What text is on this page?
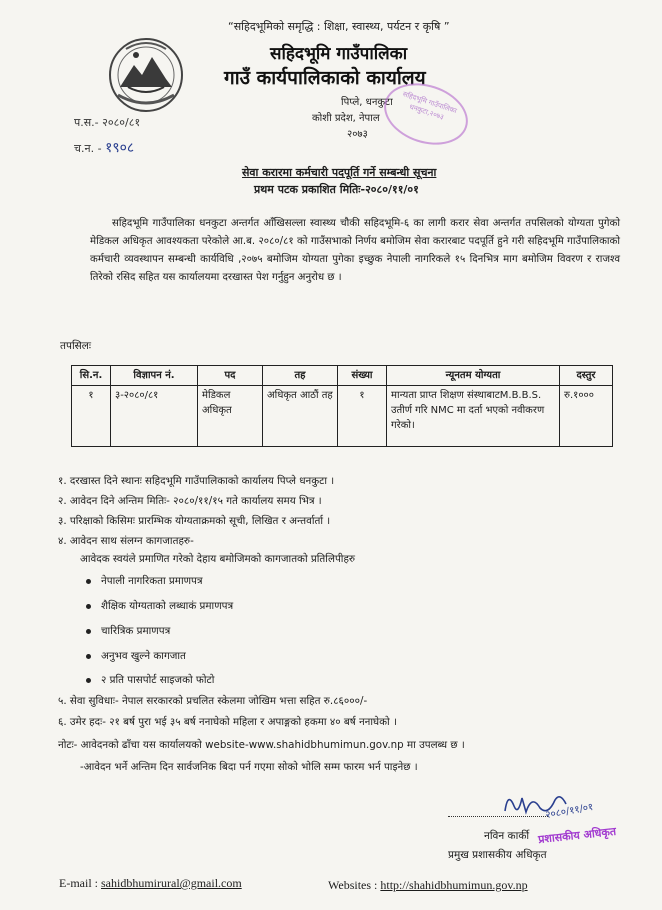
“सहिदभूमिको समृद्धि : शिक्षा, स्वास्थ्य, पर्यटन र कृषि ”
सहिदभूमि गाउँपालिका
गाउँ कार्यपालिकाको कार्यालय
पिप्ले, धनकुटा
कोशी प्रदेश, नेपाल
२०७३
सहिदभूमि गाउँपालिका धनकुटा,२०७३
प.स.- २०८०/८१
च.न. - १९०८
सेवा करारमा कर्मचारी पदपूर्ति गर्ने सम्बन्धी सूचना
प्रथम पटक प्रकाशित मितिः-२०८०/११/०१
सहिदभूमि गाउँपालिका धनकुटा अन्तर्गत आँखिसल्ला स्वास्थ्य चौकी सहिदभूमि-६ का लागी करार सेवा अन्तर्गत तपसिलको योग्यता पुगेको मेडिकल अधिकृत आवश्यकता परेकोले आ.ब. २०८०/८१ को गाउँसभाको निर्णय बमोजिम सेवा करारबाट पदपूर्ति हुने गरी सहिदभूमि गाउँपालिकाको कर्मचारी व्यवस्थापन सम्बन्धी कार्यविधि ,२०७५ बमोजिम योग्यता पुगेका इच्छुक नेपाली नागरिकले १५ दिनभित्र माग बमोजिम विवरण र राजश्व तिरेको रसिद सहित यस कार्यालयमा दरखास्त पेश गर्नुहुन अनुरोध छ ।
तपसिलः
सि.न.	विज्ञापन नं.	पद	तह	संख्या	न्यूनतम योग्यता	दस्तुर
१	३-२०८०/८१	मेडिकल अधिकृत	अधिकृत आठौं तह	१	मान्यता प्राप्त शिक्षण संस्थाबाटM.B.B.S. उतीर्ण गरि NMC मा दर्ता भएको नवीकरण गरेको।	रु.१०००
१. दरखास्त दिने स्थानः सहिदभूमि गाउँपालिकाको कार्यालय पिप्ले धनकुटा ।
२. आवेदन दिने अन्तिम मितिः- २०८०/११/१५ गते कार्यालय समय भित्र ।
३. परिक्षाको किसिमः प्रारम्भिक योग्यताक्रमको सूची, लिखित र अन्तर्वार्ता ।
४. आवेदन साथ संलग्न कागजातहरु-
आवेदक स्वयंले प्रमाणित गरेको देहाय बमोजिमको कागजातको प्रतिलिपीहरु
नेपाली नागरिकता प्रमाणपत्र
शैक्षिक योग्यताको लब्धाकं प्रमाणपत्र
चारित्रिक प्रमाणपत्र
अनुभव खुल्ने कागजात
२ प्रति पासपोर्ट साइजको फोटो
५. सेवा सुविधाः- नेपाल सरकारको प्रचलित स्केलमा जोखिम भत्ता सहित रु.८६०००/-
६. उमेर हदः- २१ बर्ष पुरा भई ३५ बर्ष ननाघेको महिला र अपाङ्गको हकमा ४० बर्ष ननाघेको ।
नोटः- आवेदनको ढाँचा यस कार्यालयको website-www.shahidbhumimun.gov.np मा उपलब्ध छ ।
-आवेदन भर्ने अन्तिम दिन सार्वजनिक बिदा पर्न गएमा सोको भोलि सम्म फारम भर्न पाइनेछ ।
२०८०/११/०१
नविन कार्की प्रशासकीय अधिकृत
प्रमुख प्रशासकीय अधिकृत
E-mail : sahidbhumirural@gmail.com	Websites : http://shahidbhumimun.gov.np
